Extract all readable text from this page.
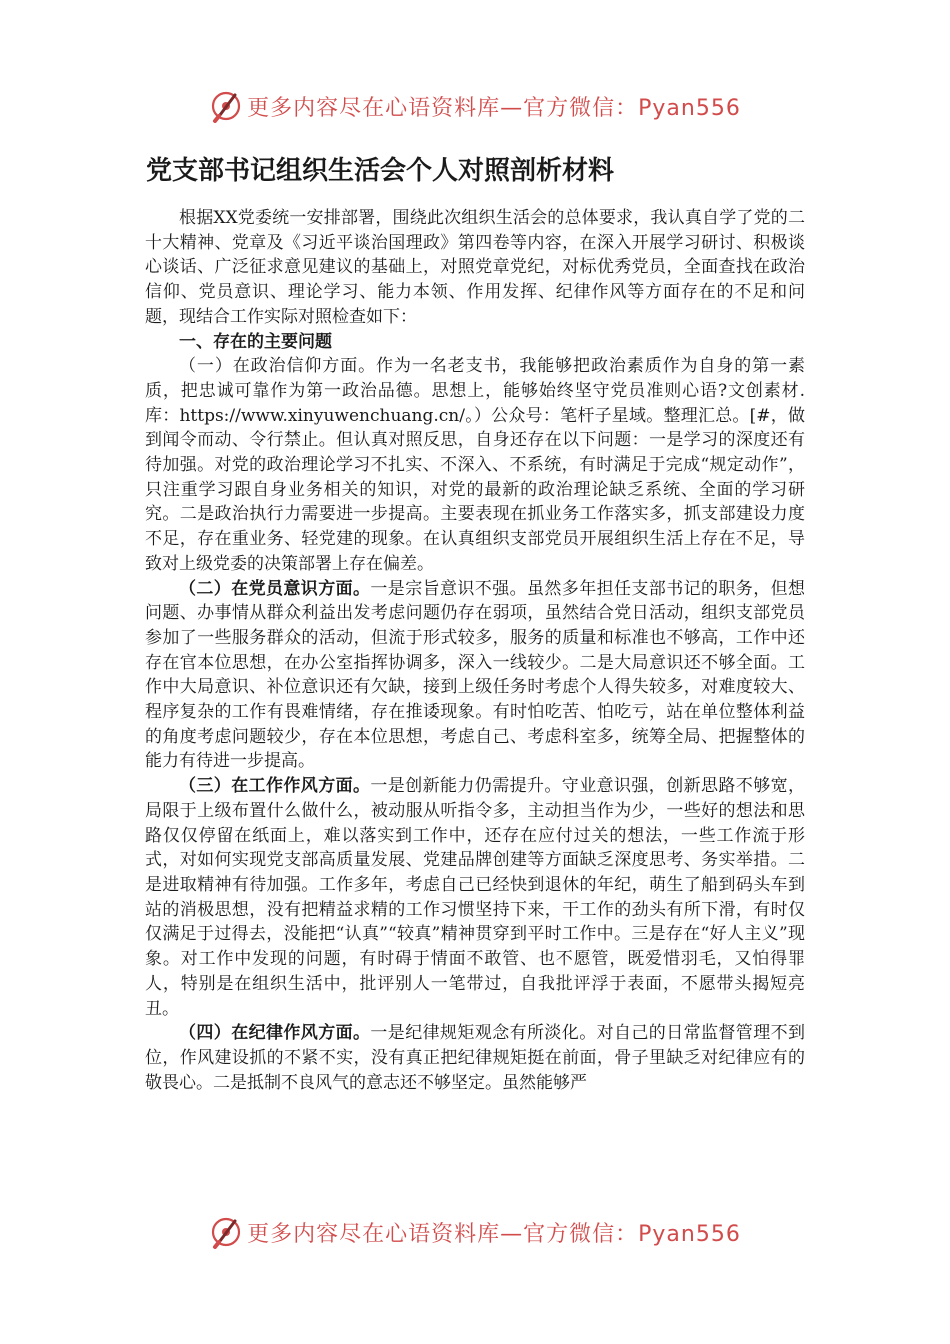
更多内容尽在心语资料库—官方微信：Pyan556
党支部书记组织生活会个人对照剖析材料

根据XX党委统一安排部署，围绕此次组织生活会的总体要求，我认真自学了党的二十大精神、党章及《习近平谈治国理政》第四卷等内容，在深入开展学习研讨、积极谈心谈话、广泛征求意见建议的基础上，对照党章党纪，对标优秀党员，全面查找在政治信仰、党员意识、理论学习、能力本领、作用发挥、纪律作风等方面存在的不足和问题，现结合工作实际对照检查如下：

一、存在的主要问题

（一）在政治信仰方面。作为一名老支书，我能够把政治素质作为自身的第一素质，把忠诚可靠作为第一政治品德。思想上，能够始终坚守党员准则心语?文创素材.库：https://www.xinyuwenchuang.cn/。）公众号：笔杆子星域。整理汇总。[#，做到闻令而动、令行禁止。但认真对照反思，自身还存在以下问题：一是学习的深度还有待加强。对党的政治理论学习不扎实、不深入、不系统，有时满足于完成“规定动作”，只注重学习跟自身业务相关的知识，对党的最新的政治理论缺乏系统、全面的学习研究。二是政治执行力需要进一步提高。主要表现在抓业务工作落实多，抓支部建设力度不足，存在重业务、轻党建的现象。在认真组织支部党员开展组织生活上存在不足，导致对上级党委的决策部署上存在偏差。

（二）在党员意识方面。一是宗旨意识不强。虽然多年担任支部书记的职务，但想问题、办事情从群众利益出发考虑问题仍存在弱项，虽然结合党日活动，组织支部党员参加了一些服务群众的活动，但流于形式较多，服务的质量和标准也不够高，工作中还存在官本位思想，在办公室指挥协调多，深入一线较少。二是大局意识还不够全面。工作中大局意识、补位意识还有欠缺，接到上级任务时考虑个人得失较多，对难度较大、程序复杂的工作有畏难情绪，存在推诿现象。有时怕吃苦、怕吃亏，站在单位整体利益的角度考虑问题较少，存在本位思想，考虑自己、考虑科室多，统筹全局、把握整体的能力有待进一步提高。

（三）在工作作风方面。一是创新能力仍需提升。守业意识强，创新思路不够宽，局限于上级布置什么做什么，被动服从听指令多，主动担当作为少，一些好的想法和思路仅仅停留在纸面上，难以落实到工作中，还存在应付过关的想法，一些工作流于形式，对如何实现党支部高质量发展、党建品牌创建等方面缺乏深度思考、务实举措。二是进取精神有待加强。工作多年，考虑自己已经快到退休的年纪，萌生了船到码头车到站的消极思想，没有把精益求精的工作习惯坚持下来，干工作的劲头有所下滑，有时仅仅满足于过得去，没能把“认真”“较真”精神贯穿到平时工作中。三是存在“好人主义”现象。对工作中发现的问题，有时碍于情面不敢管、也不愿管，既爱惜羽毛，又怕得罪人，特别是在组织生活中，批评别人一笔带过，自我批评浮于表面，不愿带头揭短亮丑。

（四）在纪律作风方面。一是纪律规矩观念有所淡化。对自己的日常监督管理不到位，作风建设抓的不紧不实，没有真正把纪律规矩挺在前面，骨子里缺乏对纪律应有的敬畏心。二是抵制不良风气的意志还不够坚定。虽然能够严

更多内容尽在心语资料库—官方微信：Pyan556
